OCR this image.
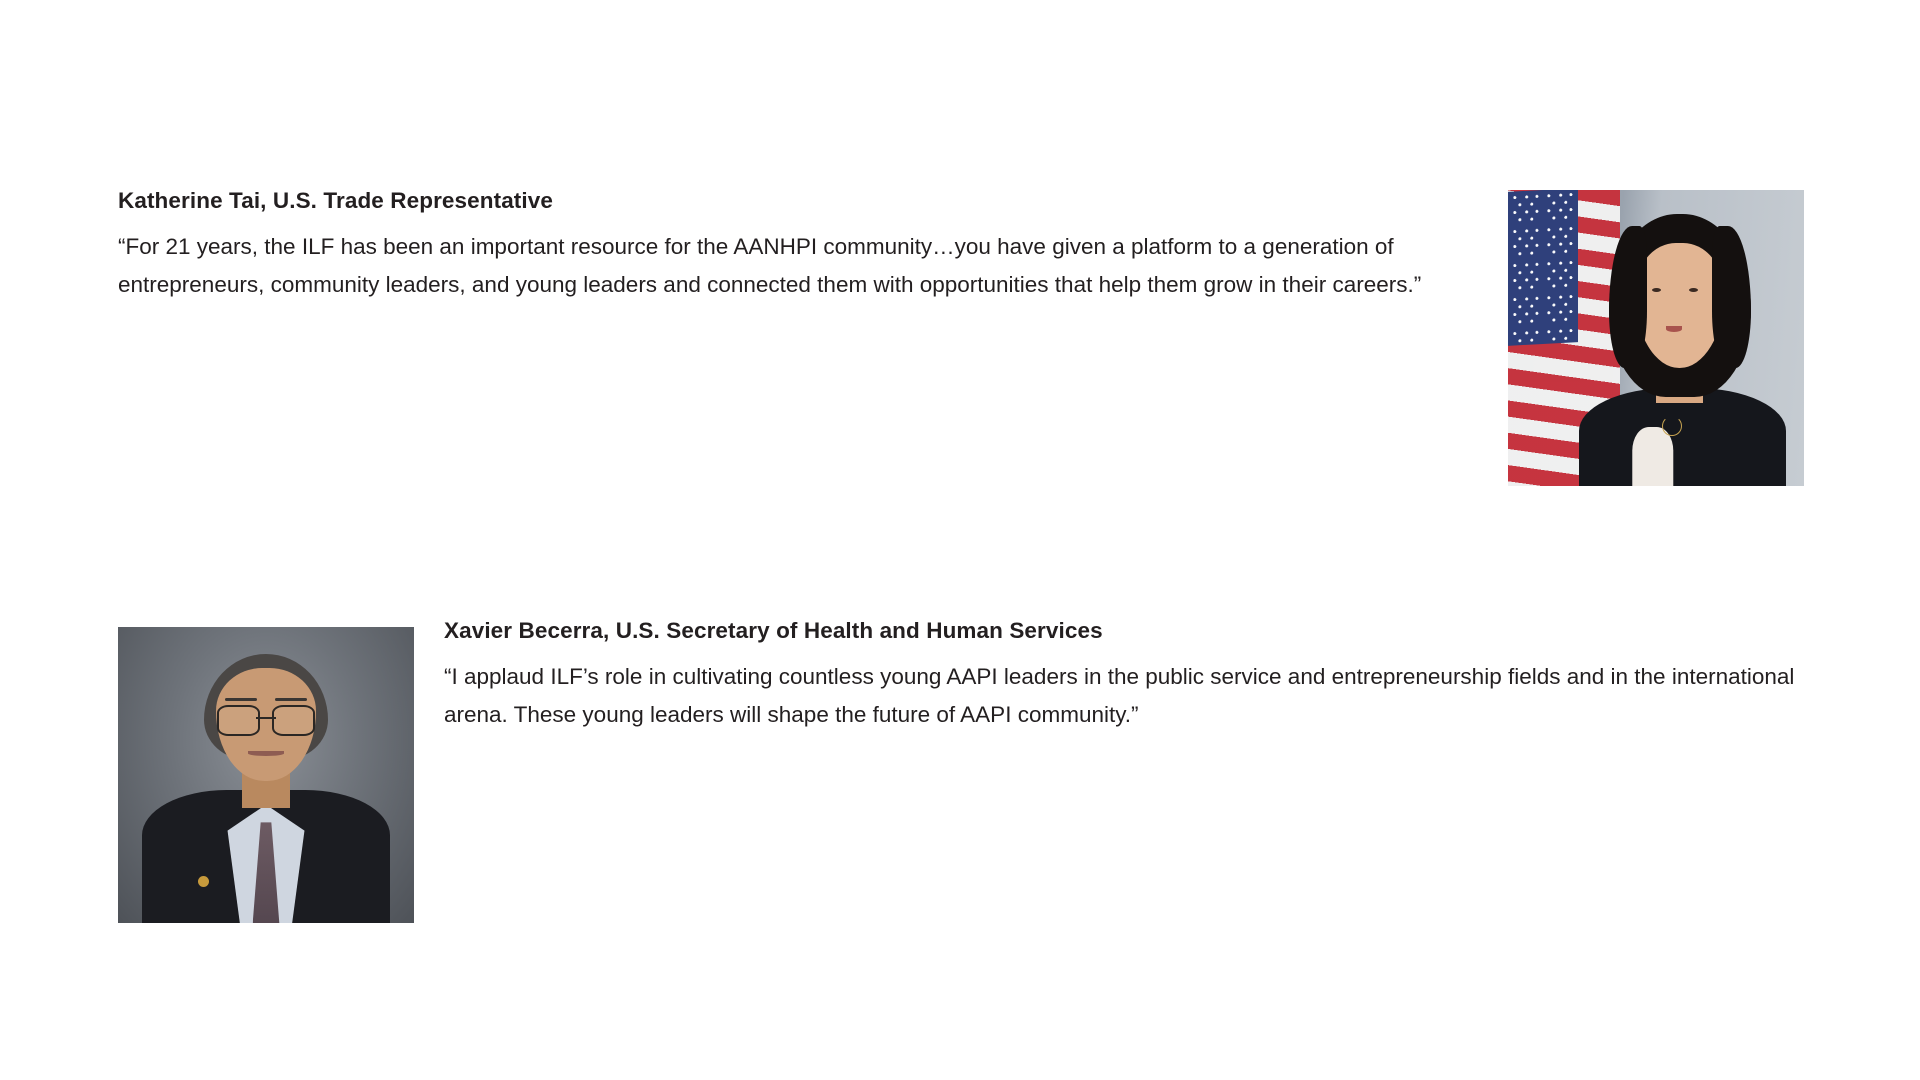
Katherine Tai, U.S. Trade Representative

“For 21 years, the ILF has been an important resource for the AANHPI community…you have given a platform to a generation of entrepreneurs, community leaders, and young leaders and connected them with opportunities that help them grow in their careers.”

Xavier Becerra, U.S. Secretary of Health and Human Services

“I applaud ILF’s role in cultivating countless young AAPI leaders in the public service and entrepreneurship fields and in the international arena. These young leaders will shape the future of AAPI community.”
